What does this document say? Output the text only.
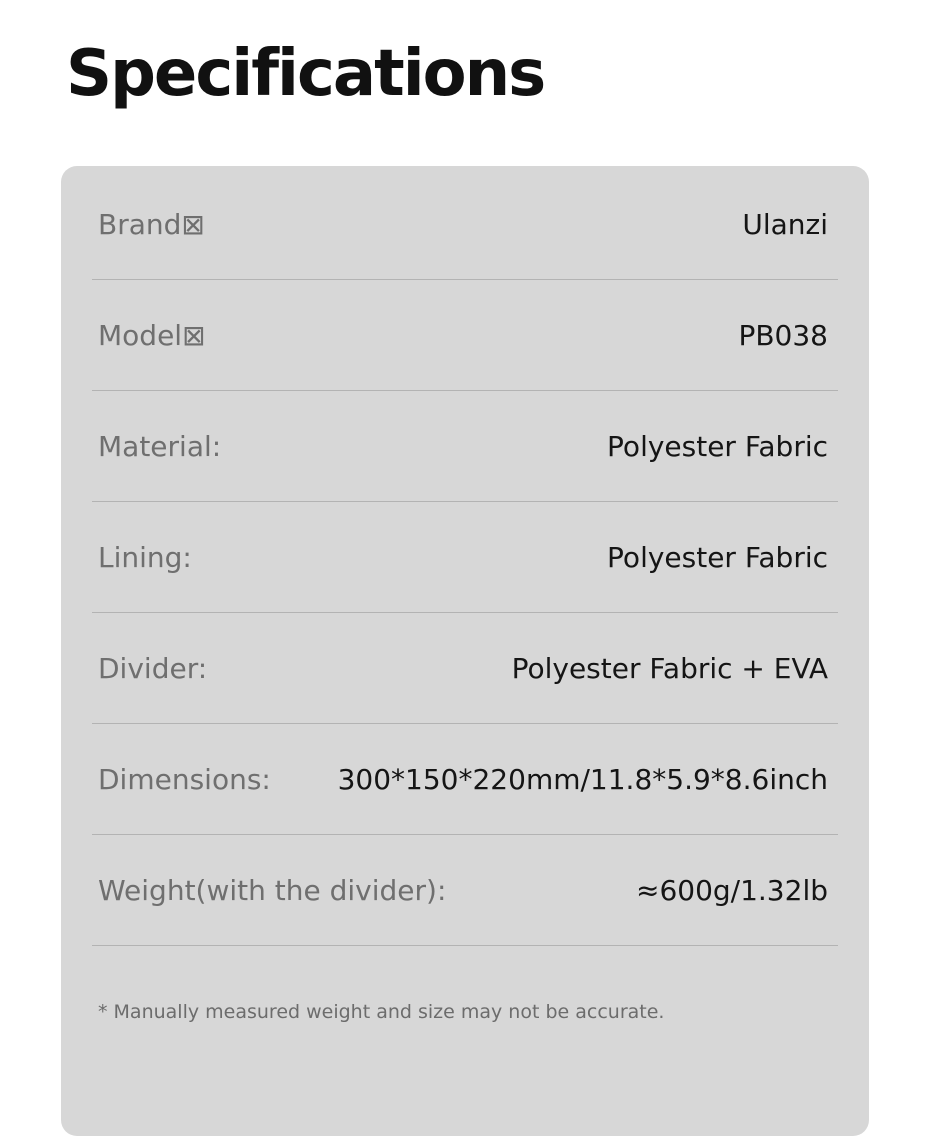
Specifications
Brand⊠	Ulanzi
Model⊠	PB038
Material:	Polyester Fabric
Lining:	Polyester Fabric
Divider:	Polyester Fabric + EVA
Dimensions: 300*150*220mm/11.8*5.9*8.6inch
Weight(with the divider):	≈600g/1.32lb
* Manually measured weight and size may not be accurate.
